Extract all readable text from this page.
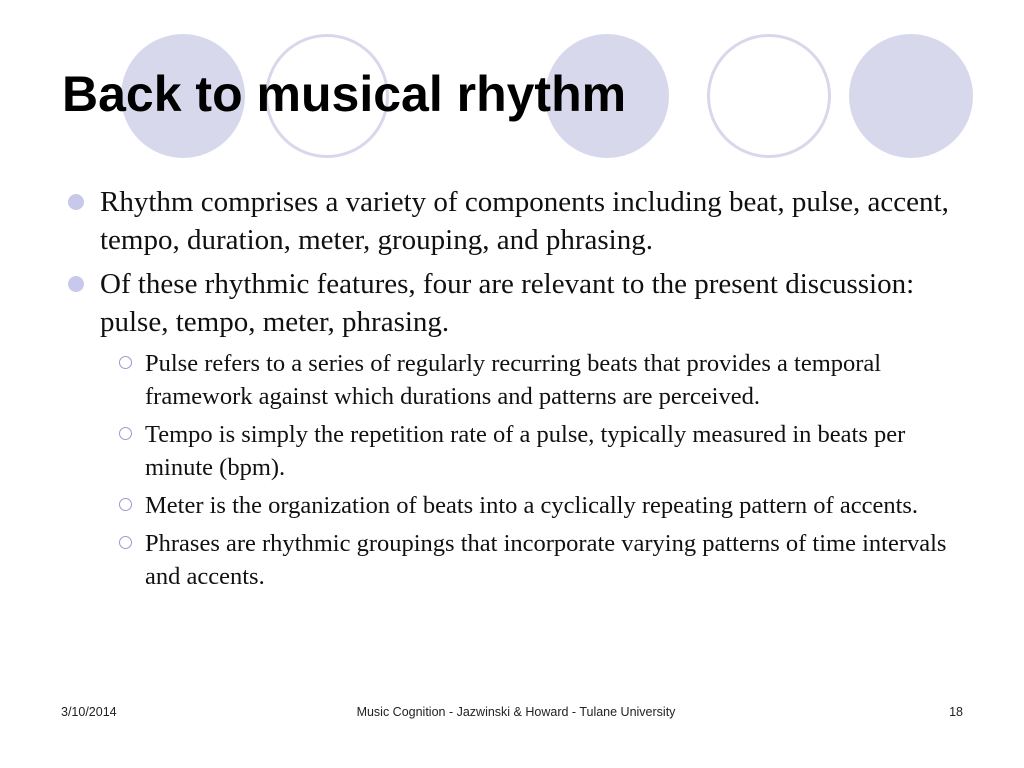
Back to musical rhythm
Rhythm comprises a variety of components including beat, pulse, accent, tempo, duration, meter, grouping, and phrasing.
Of these rhythmic features, four are relevant to the present discussion: pulse, tempo, meter, phrasing.
Pulse refers to a series of regularly recurring beats that provides a temporal framework against which durations and patterns are perceived.
Tempo is simply the repetition rate of a pulse, typically measured in beats per minute (bpm).
Meter is the organization of beats into a cyclically repeating pattern of accents.
Phrases are rhythmic groupings that incorporate varying patterns of time intervals and accents.
3/10/2014	Music Cognition - Jazwinski & Howard - Tulane University	18
